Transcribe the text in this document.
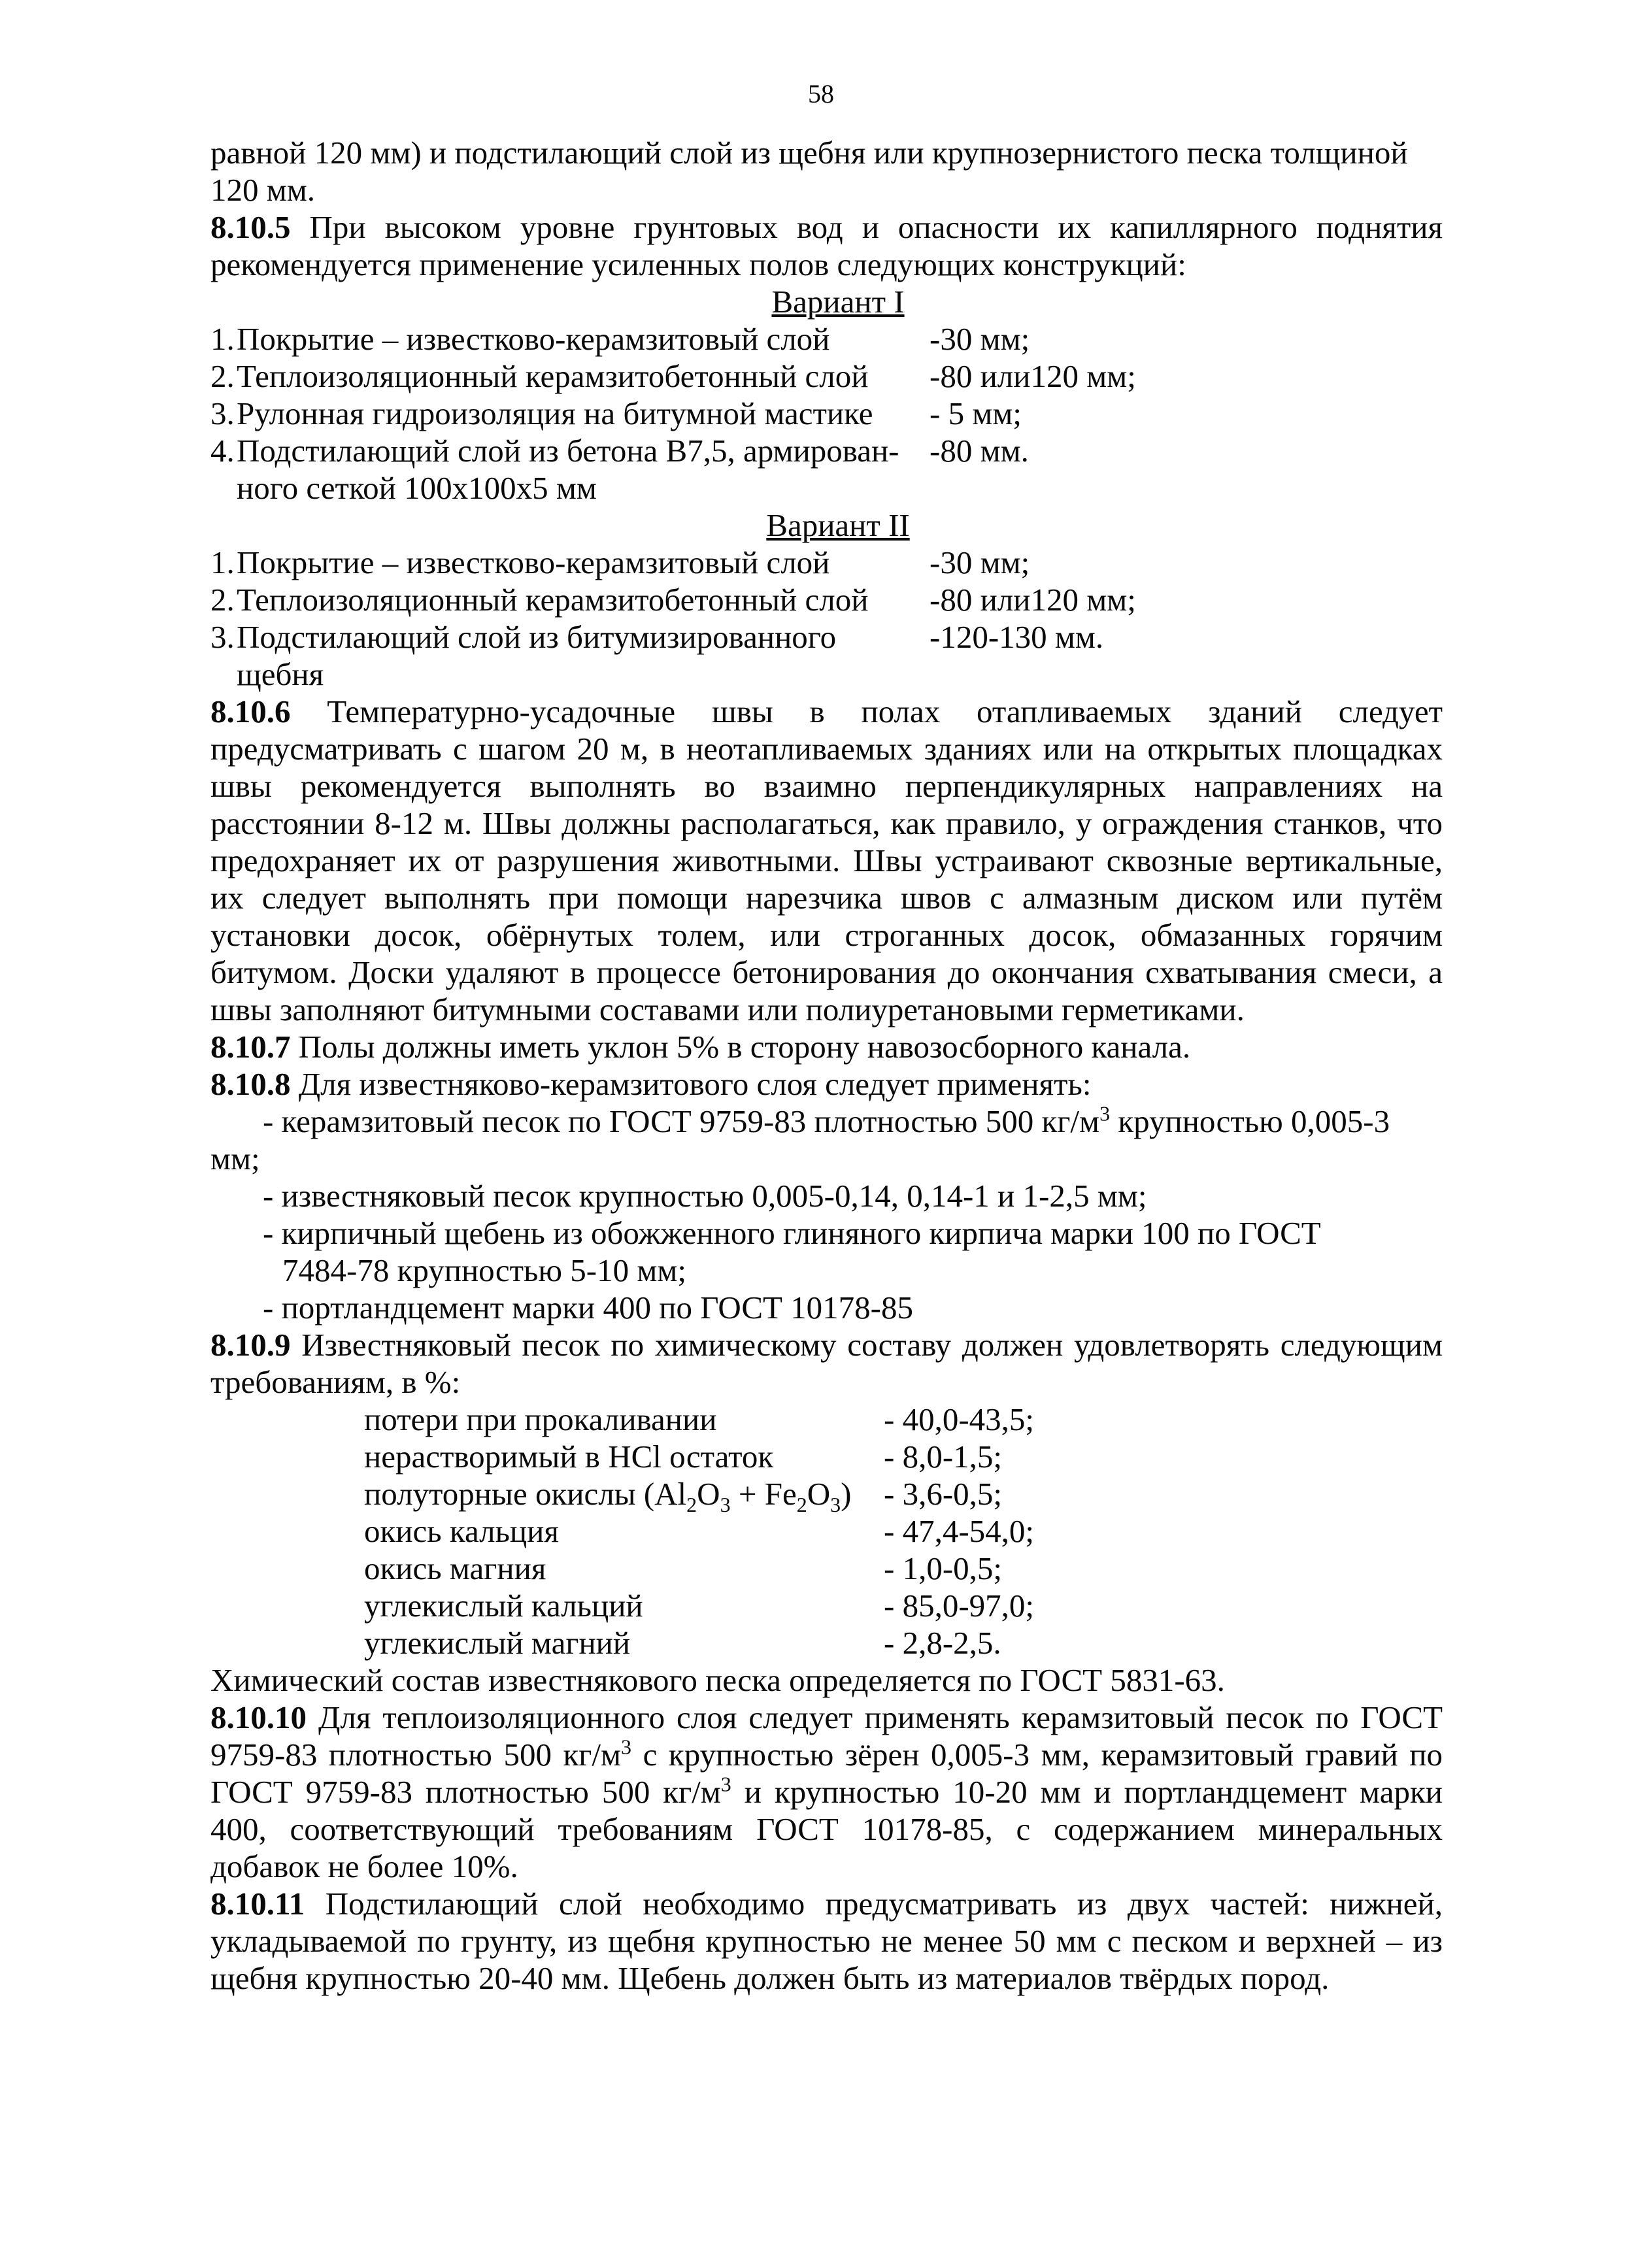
58

равной 120 мм) и подстилающий слой из щебня или крупнозернистого песка толщиной
120 мм.

8.10.5 При высоком уровне грунтовых вод и опасности их капиллярного поднятия рекомендуется применение усиленных полов следующих конструкций:

Вариант I

1. Покрытие – известково-керамзитовый слой	-30 мм;
2. Теплоизоляционный керамзитобетонный слой	-80 или120 мм;
3. Рулонная гидроизоляция на битумной мастике	- 5 мм;
4. Подстилающий слой из бетона В7,5, армирован- -80 мм.
ного сеткой 100х100х5 мм

Вариант II

1. Покрытие – известково-керамзитовый слой	-30 мм;
2. Теплоизоляционный керамзитобетонный слой	-80 или120 мм;
3. Подстилающий слой из битумизированного	-120-130 мм.
щебня

8.10.6 Температурно-усадочные швы в полах отапливаемых зданий следует предусматривать с шагом 20 м, в неотапливаемых зданиях или на открытых площадках швы рекомендуется выполнять во взаимно перпендикулярных направлениях на расстоянии 8-12 м. Швы должны располагаться, как правило, у ограждения станков, что предохраняет их от разрушения животными. Швы устраивают сквозные вертикальные, их следует выполнять при помощи нарезчика швов с алмазным диском или путём установки досок, обёрнутых толем, или строганных досок, обмазанных горячим битумом. Доски удаляют в процессе бетонирования до окончания схватывания смеси, а швы заполняют битумными составами или полиуретановыми герметиками.

8.10.7 Полы должны иметь уклон 5% в сторону навозосборного канала.

8.10.8 Для известняково-керамзитового слоя следует применять:

- керамзитовый песок по ГОСТ 9759-83 плотностью 500 $кг/м^3$ крупностью 0,005-3

мм;

- известняковый песок крупностью 0,005-0,14, 0,14-1 и 1-2,5 мм;

- кирпичный щебень из обожженного глиняного кирпича марки 100 по ГОСТ

7484-78 крупностью 5-10 мм;

- портландцемент марки 400 по ГОСТ 10178-85

8.10.9 Известняковый песок по химическому составу должен удовлетворять следующим требованиям, в %:

потери при прокаливании	- 40,0-43,5;
нерастворимый в HCl остаток	- 8,0-1,5;
полуторные окислы $(Al_2O_3 + Fe_2O_3)$	- 3,6-0,5;
окись кальция	- 47,4-54,0;
окись магния	- 1,0-0,5;
углекислый кальций	- 85,0-97,0;
углекислый магний	- 2,8-2,5.

Химический состав известнякового песка определяется по ГОСТ 5831-63.

8.10.10 Для теплоизоляционного слоя следует применять керамзитовый песок по ГОСТ 9759-83 плотностью 500 $кг/м^3$ с крупностью зёрен 0,005-3 мм, керамзитовый гравий по ГОСТ 9759-83 плотностью 500 $кг/м^3$ и крупностью 10-20 мм и портландцемент марки 400, соответствующий требованиям ГОСТ 10178-85, с содержанием минеральных добавок не более 10%.

8.10.11 Подстилающий слой необходимо предусматривать из двух частей: нижней, укладываемой по грунту, из щебня крупностью не менее 50 мм с песком и верхней – из щебня крупностью 20-40 мм. Щебень должен быть из материалов твёрдых пород.
